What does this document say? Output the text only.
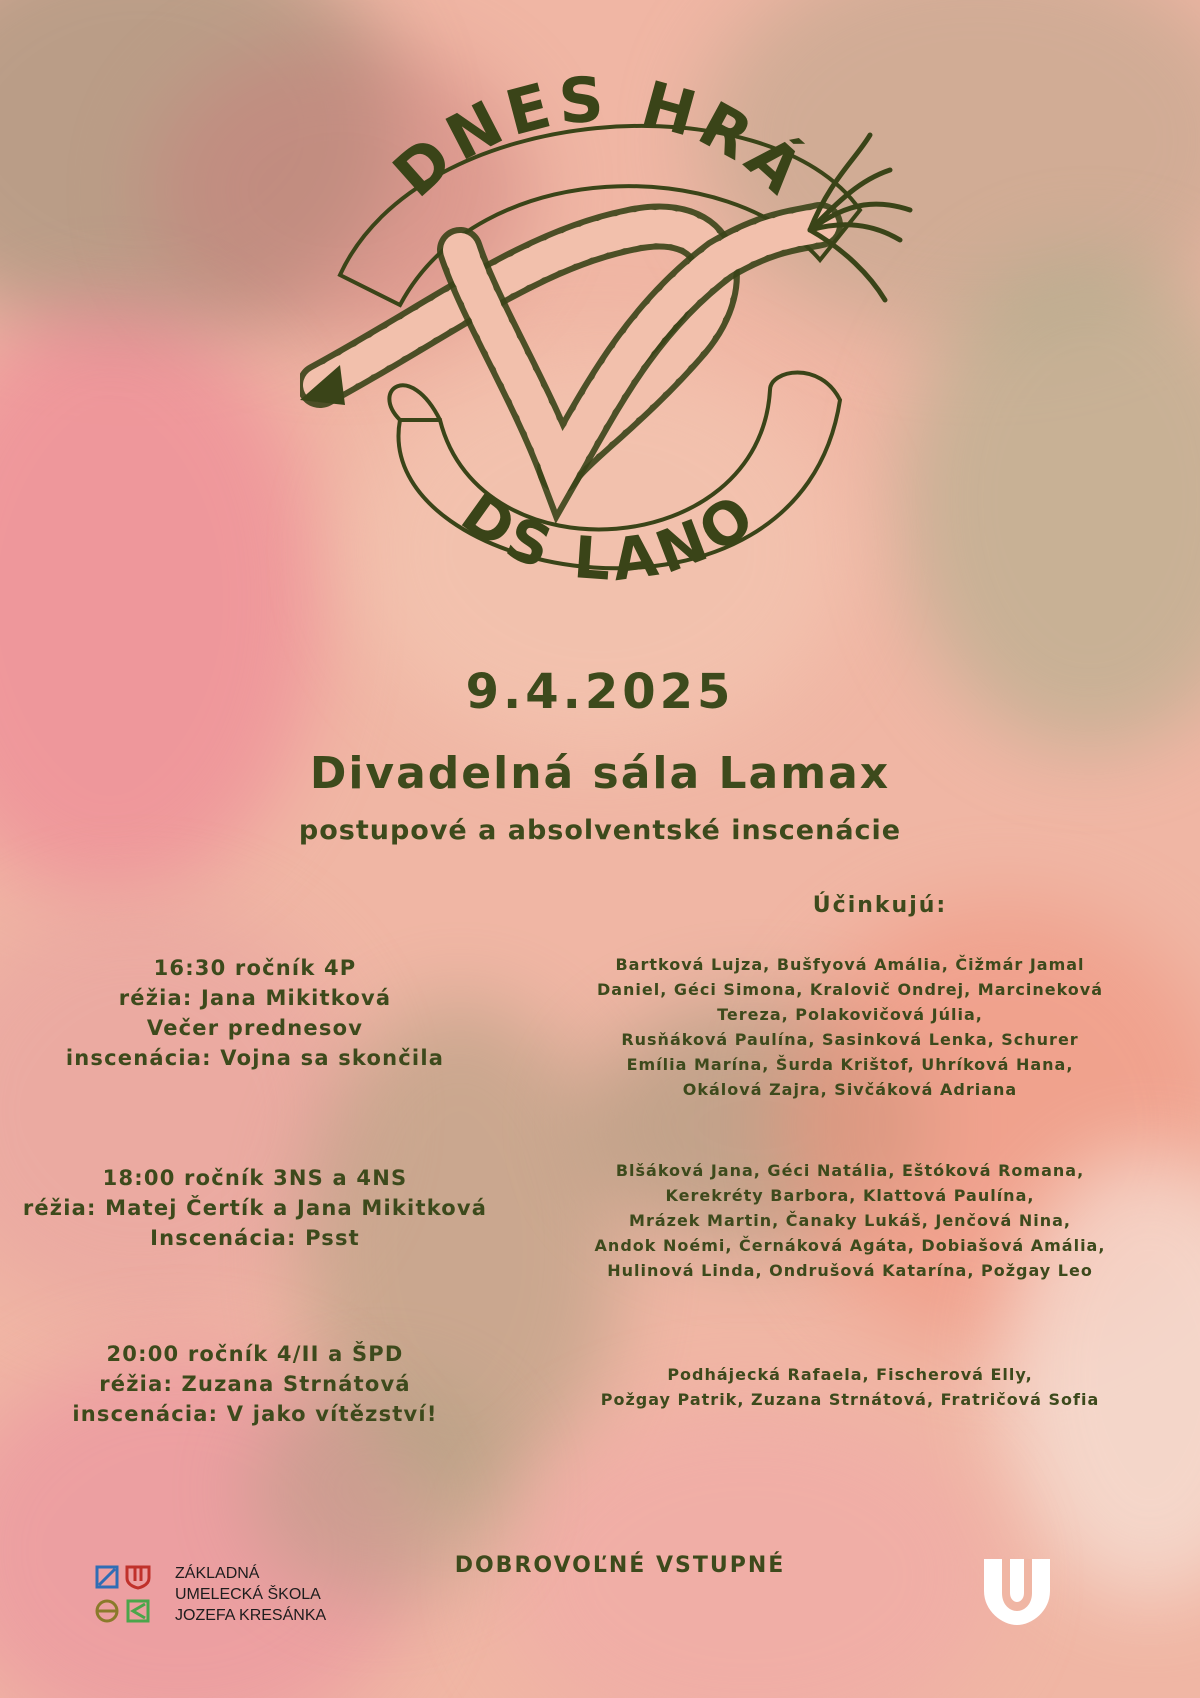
DNES HRÁ
DS LANO
9.4.2025
Divadelná sála Lamax
postupové a absolventské inscenácie
Účinkujú:
16:30 ročník 4P
réžia: Jana Mikitková
Večer prednesov
inscenácia: Vojna sa skončila
Bartková Lujza, Bušfyová Amália, Čižmár Jamal
Daniel, Géci Simona, Kralovič Ondrej, Marcineková
Tereza, Polakovičová Júlia,
Rusňáková Paulína, Sasinková Lenka, Schurer
Emília Marína, Šurda Krištof, Uhríková Hana,
Okálová Zajra, Sivčáková Adriana
18:00 ročník 3NS a 4NS
réžia: Matej Čertík a Jana Mikitková
Inscenácia: Psst
Blšáková Jana, Géci Natália, Eštóková Romana,
Kerekréty Barbora, Klattová Paulína,
Mrázek Martin, Čanaky Lukáš, Jenčová Nina,
Andok Noémi, Černáková Agáta, Dobiašová Amália,
Hulinová Linda, Ondrušová Katarína, Požgay Leo
20:00 ročník 4/II a ŠPD
réžia: Zuzana Strnátová
inscenácia: V jako vítězství!
Podhájecká Rafaela, Fischerová Elly,
Požgay Patrik, Zuzana Strnátová, Fratričová Sofia
ZÁKLADNÁ
UMELECKÁ ŠKOLA
JOZEFA KRESÁNKA
DOBROVOĽNÉ VSTUPNÉ
